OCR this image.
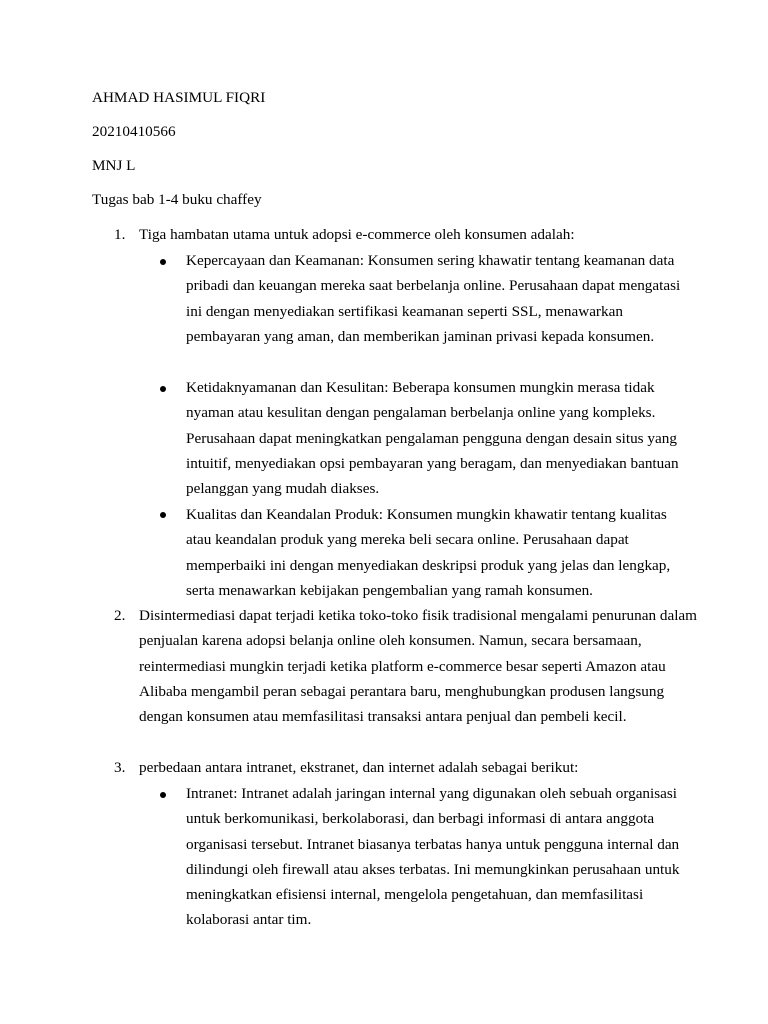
AHMAD HASIMUL FIQRI
20210410566
MNJ L
Tugas bab 1-4 buku chaffey
1. Tiga hambatan utama untuk adopsi e-commerce oleh konsumen adalah:

Kepercayaan dan Keamanan: Konsumen sering khawatir tentang keamanan data pribadi dan keuangan mereka saat berbelanja online. Perusahaan dapat mengatasi ini dengan menyediakan sertifikasi keamanan seperti SSL, menawarkan pembayaran yang aman, dan memberikan jaminan privasi kepada konsumen.

Ketidaknyamanan dan Kesulitan: Beberapa konsumen mungkin merasa tidak nyaman atau kesulitan dengan pengalaman berbelanja online yang kompleks. Perusahaan dapat meningkatkan pengalaman pengguna dengan desain situs yang intuitif, menyediakan opsi pembayaran yang beragam, dan menyediakan bantuan pelanggan yang mudah diakses.

Kualitas dan Keandalan Produk: Konsumen mungkin khawatir tentang kualitas atau keandalan produk yang mereka beli secara online. Perusahaan dapat memperbaiki ini dengan menyediakan deskripsi produk yang jelas dan lengkap, serta menawarkan kebijakan pengembalian yang ramah konsumen.

2. Disintermediasi dapat terjadi ketika toko-toko fisik tradisional mengalami penurunan dalam penjualan karena adopsi belanja online oleh konsumen. Namun, secara bersamaan, reintermediasi mungkin terjadi ketika platform e-commerce besar seperti Amazon atau Alibaba mengambil peran sebagai perantara baru, menghubungkan produsen langsung dengan konsumen atau memfasilitasi transaksi antara penjual dan pembeli kecil.

3. perbedaan antara intranet, ekstranet, dan internet adalah sebagai berikut:

Intranet: Intranet adalah jaringan internal yang digunakan oleh sebuah organisasi untuk berkomunikasi, berkolaborasi, dan berbagi informasi di antara anggota organisasi tersebut. Intranet biasanya terbatas hanya untuk pengguna internal dan dilindungi oleh firewall atau akses terbatas. Ini memungkinkan perusahaan untuk meningkatkan efisiensi internal, mengelola pengetahuan, dan memfasilitasi kolaborasi antar tim.
